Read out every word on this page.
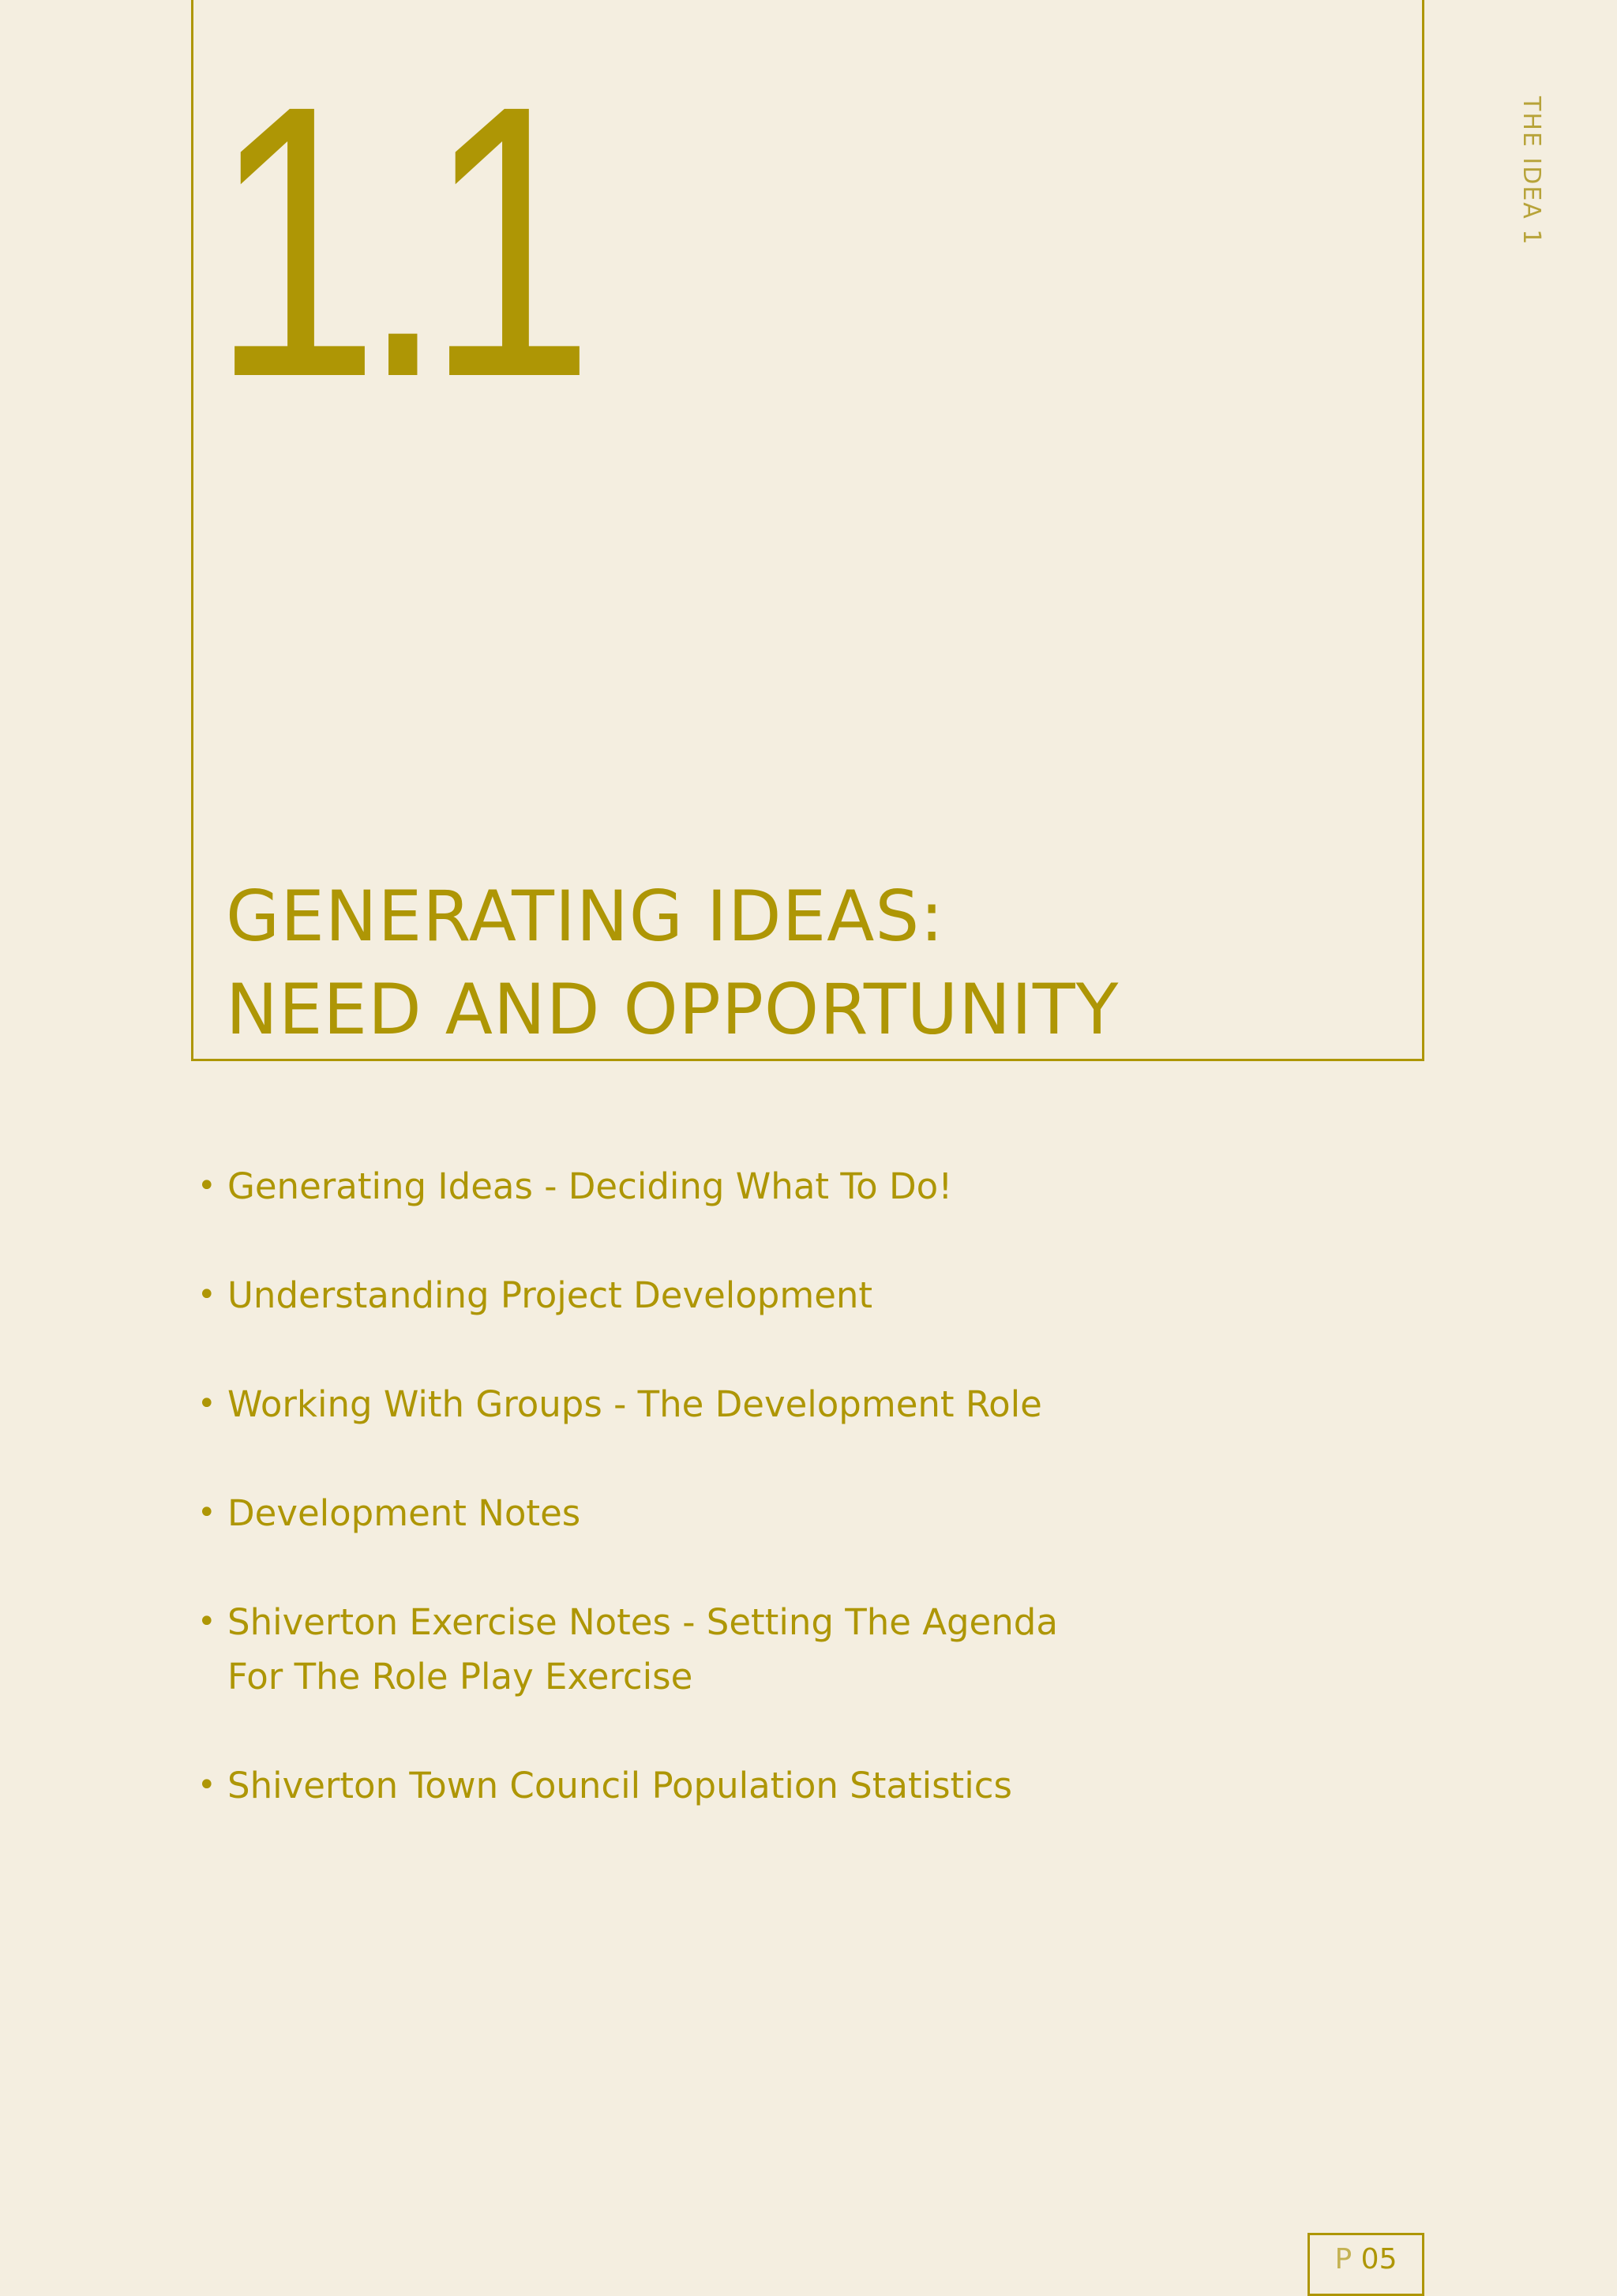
1.1
GENERATING IDEAS:
NEED AND OPPORTUNITY
THE IDEA 1
• Generating Ideas - Deciding What To Do!
• Understanding Project Development
• Working With Groups - The Development Role
• Development Notes
• Shiverton Exercise Notes - Setting The Agenda
For The Role Play Exercise
• Shiverton Town Council Population Statistics
P 05
